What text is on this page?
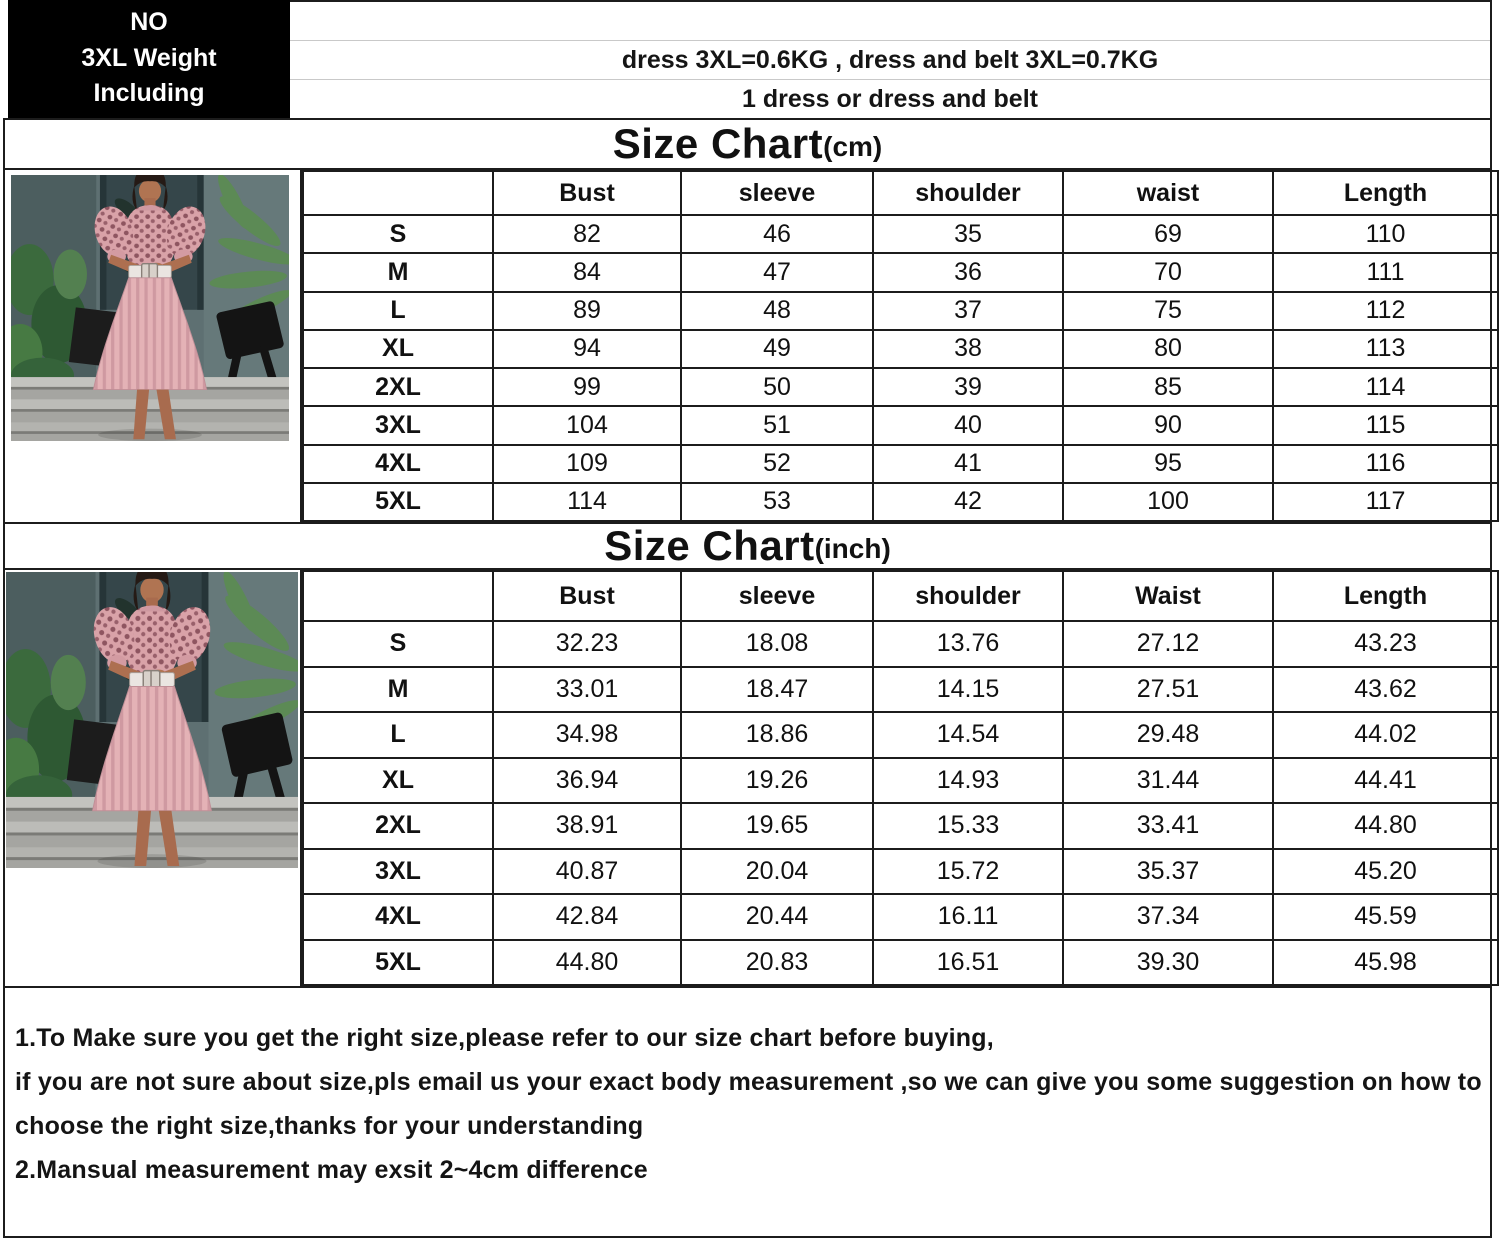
NO
3XL Weight
Including
dress 3XL=0.6KG , dress and belt 3XL=0.7KG
1 dress or dress and belt
Size Chart (cm)
	Bust	sleeve	shoulder	waist	Length
S	82	46	35	69	110
M	84	47	36	70	111
L	89	48	37	75	112
XL	94	49	38	80	113
2XL	99	50	39	85	114
3XL	104	51	40	90	115
4XL	109	52	41	95	116
5XL	114	53	42	100	117
Size Chart (inch)
	Bust	sleeve	shoulder	Waist	Length
S	32.23	18.08	13.76	27.12	43.23
M	33.01	18.47	14.15	27.51	43.62
L	34.98	18.86	14.54	29.48	44.02
XL	36.94	19.26	14.93	31.44	44.41
2XL	38.91	19.65	15.33	33.41	44.80
3XL	40.87	20.04	15.72	35.37	45.20
4XL	42.84	20.44	16.11	37.34	45.59
5XL	44.80	20.83	16.51	39.30	45.98
1.To Make sure you get the right size,please refer to our size chart before buying,
if you are not sure about size,pls email us your exact body measurement ,so we can give you some suggestion on how to
choose the right size,thanks for your understanding
2.Mansual measurement may exsit 2~4cm difference
